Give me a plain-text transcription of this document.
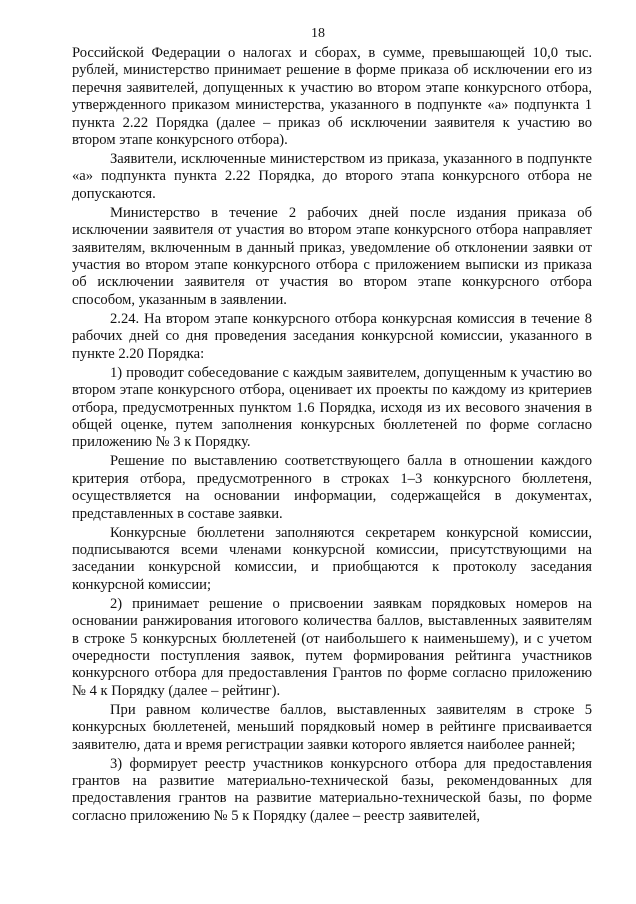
18

Российской Федерации о налогах и сборах, в сумме, превышающей 10,0 тыс. рублей, министерство принимает решение в форме приказа об исключении его из перечня заявителей, допущенных к участию во втором этапе конкурсного отбора, утвержденного приказом министерства, указанного в подпункте «а» подпункта 1 пункта 2.22 Порядка (далее – приказ об исключении заявителя к участию во втором этапе конкурсного отбора).

Заявители, исключенные министерством из приказа, указанного в подпункте «а» подпункта пункта 2.22 Порядка, до второго этапа конкурсного отбора не допускаются.

Министерство в течение 2 рабочих дней после издания приказа об исключении заявителя от участия во втором этапе конкурсного отбора направляет заявителям, включенным в данный приказ, уведомление об отклонении заявки от участия во втором этапе конкурсного отбора с приложением выписки из приказа об исключении заявителя от участия во втором этапе конкурсного отбора способом, указанным в заявлении.

2.24. На втором этапе конкурсного отбора конкурсная комиссия в течение 8 рабочих дней со дня проведения заседания конкурсной комиссии, указанного в пункте 2.20 Порядка:

1) проводит собеседование с каждым заявителем, допущенным к участию во втором этапе конкурсного отбора, оценивает их проекты по каждому из критериев отбора, предусмотренных пунктом 1.6 Порядка, исходя из их весового значения в общей оценке, путем заполнения конкурсных бюллетеней по форме согласно приложению № 3 к Порядку.

Решение по выставлению соответствующего балла в отношении каждого критерия отбора, предусмотренного в строках 1–3 конкурсного бюллетеня, осуществляется на основании информации, содержащейся в документах, представленных в составе заявки.

Конкурсные бюллетени заполняются секретарем конкурсной комиссии, подписываются всеми членами конкурсной комиссии, присутствующими на заседании конкурсной комиссии, и приобщаются к протоколу заседания конкурсной комиссии;

2) принимает решение о присвоении заявкам порядковых номеров на основании ранжирования итогового количества баллов, выставленных заявителям в строке 5 конкурсных бюллетеней (от наибольшего к наименьшему), и с учетом очередности поступления заявок, путем формирования рейтинга участников конкурсного отбора для предоставления Грантов по форме согласно приложению № 4 к Порядку (далее – рейтинг).

При равном количестве баллов, выставленных заявителям в строке 5 конкурсных бюллетеней, меньший порядковый номер в рейтинге присваивается заявителю, дата и время регистрации заявки которого является наиболее ранней;

3) формирует реестр участников конкурсного отбора для предоставления грантов на развитие материально-технической базы, рекомендованных для предоставления грантов на развитие материально-технической базы, по форме согласно приложению № 5 к Порядку (далее – реестр заявителей,
